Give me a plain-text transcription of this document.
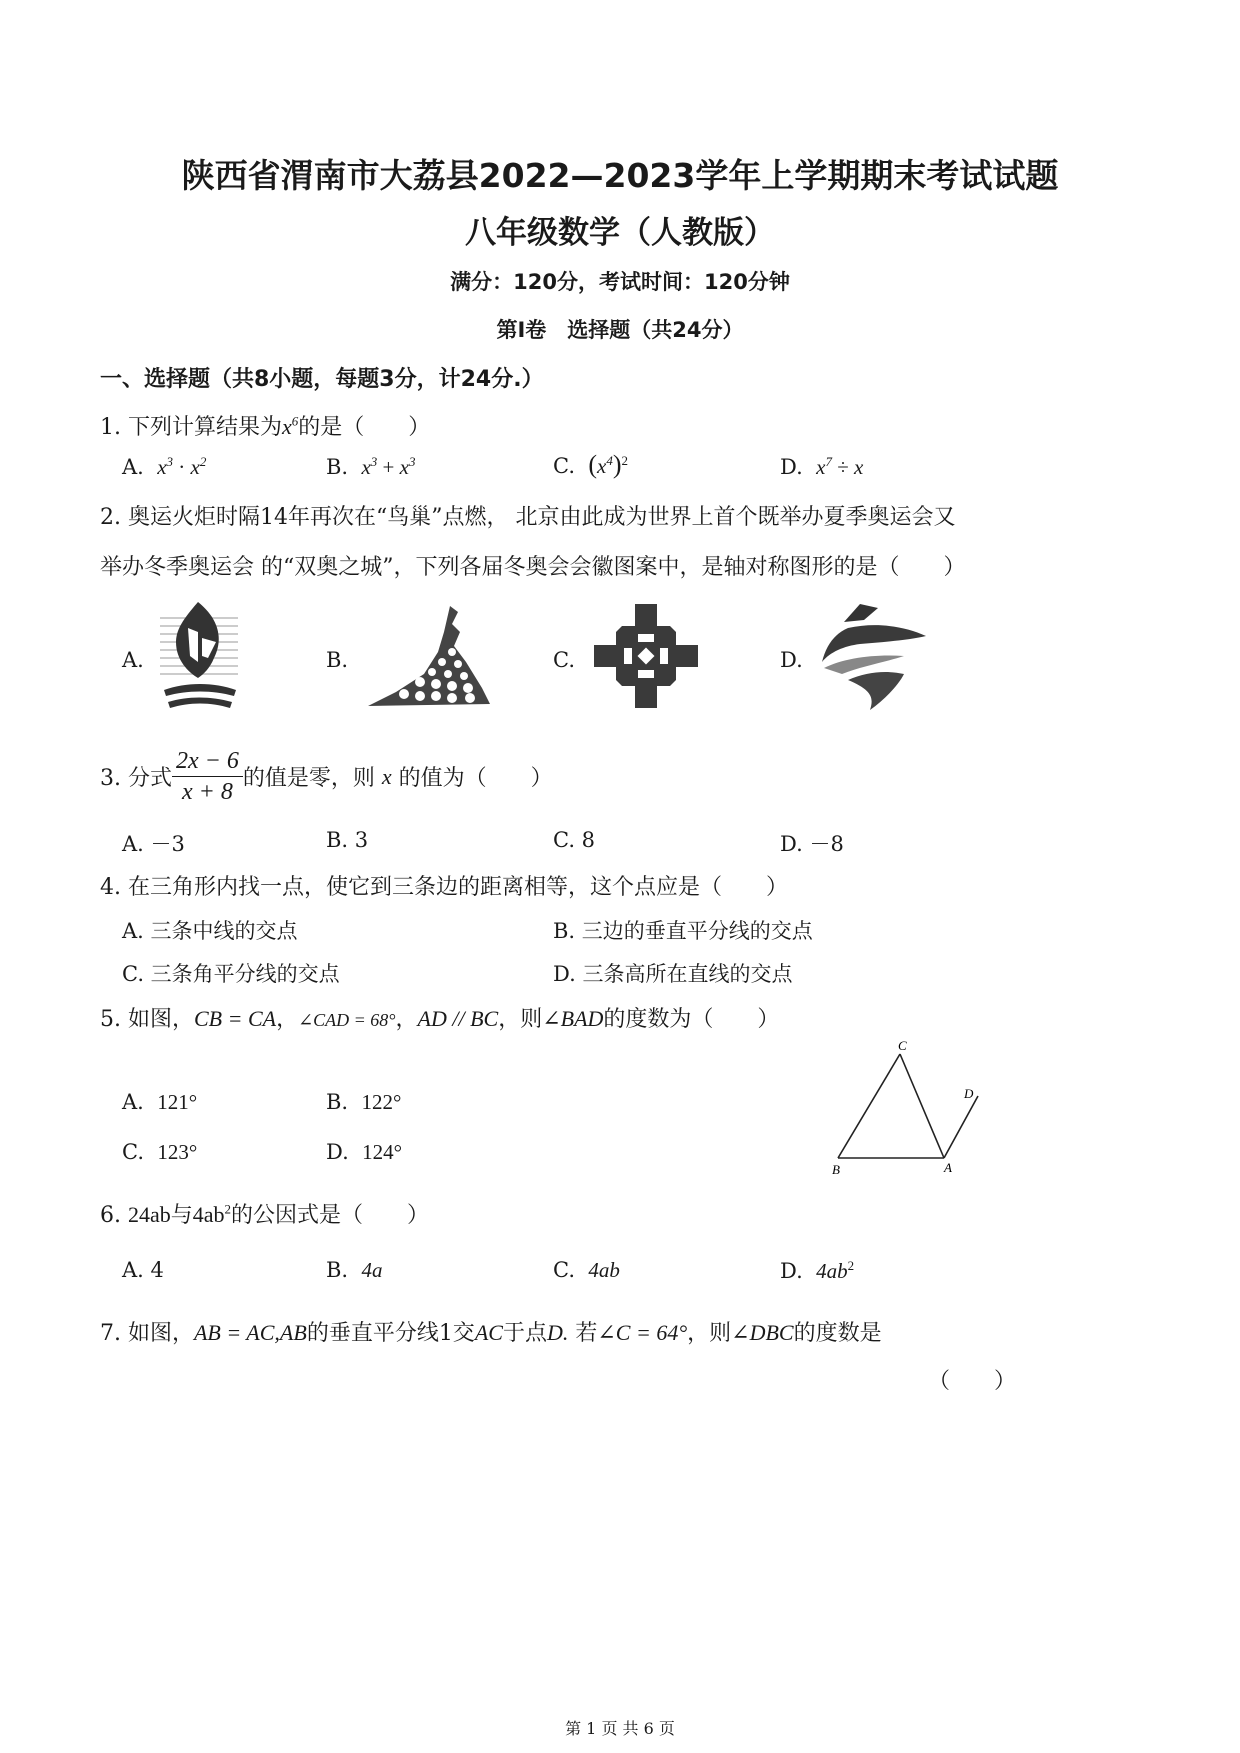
陕西省渭南市大荔县2022—2023学年上学期期末考试试题
八年级数学（人教版）
满分：120分，考试时间：120分钟
第Ⅰ卷　选择题（共24分）
一、选择题（共8小题，每题3分，计24分.）
1. 下列计算结果为$x^6$的是（　　）
A. $x^3 \cdot x^2$	B. $x^3 + x^3$	C. $(x^4)^2$	D. $x^7 \div x$
2. 奥运火炬时隔14年再次在“鸟巢”点燃， 北京由此成为世界上首个既举办夏季奥运会又
举办冬季奥运会 的“双奥之城”，下列各届冬奥会会徽图案中，是轴对称图形的是（　　）
A.	B.	C.	D.
3. 分式 $\frac{2x - 6}{x + 8}$ 的值是零，则
x
的值为（　　）
A. －3	B. 3	C. 8	D. －8
4. 在三角形内找一点，使它到三条边的距离相等，这个点应是（　　）
A. 三条中线的交点	B. 三边的垂直平分线的交点
C. 三条角平分线的交点	D. 三条高所在直线的交点
5. 如图，CB = CA，∠CAD = 68°，AD // BC，则∠BAD的度数为（　　）
A. 121°	B. 122°
C. 123°	D. 124°
C
D
B	A
6. 24ab与$4ab^2$的公因式是（　　）
A. 4	B. 4a	C. 4ab	D. $4ab^2$
7. 如图，AB = AC,AB的垂直平分线1交AC于点D. 若∠C = 64°，则∠DBC的度数是
（　　）
第 1 页 共 6 页
